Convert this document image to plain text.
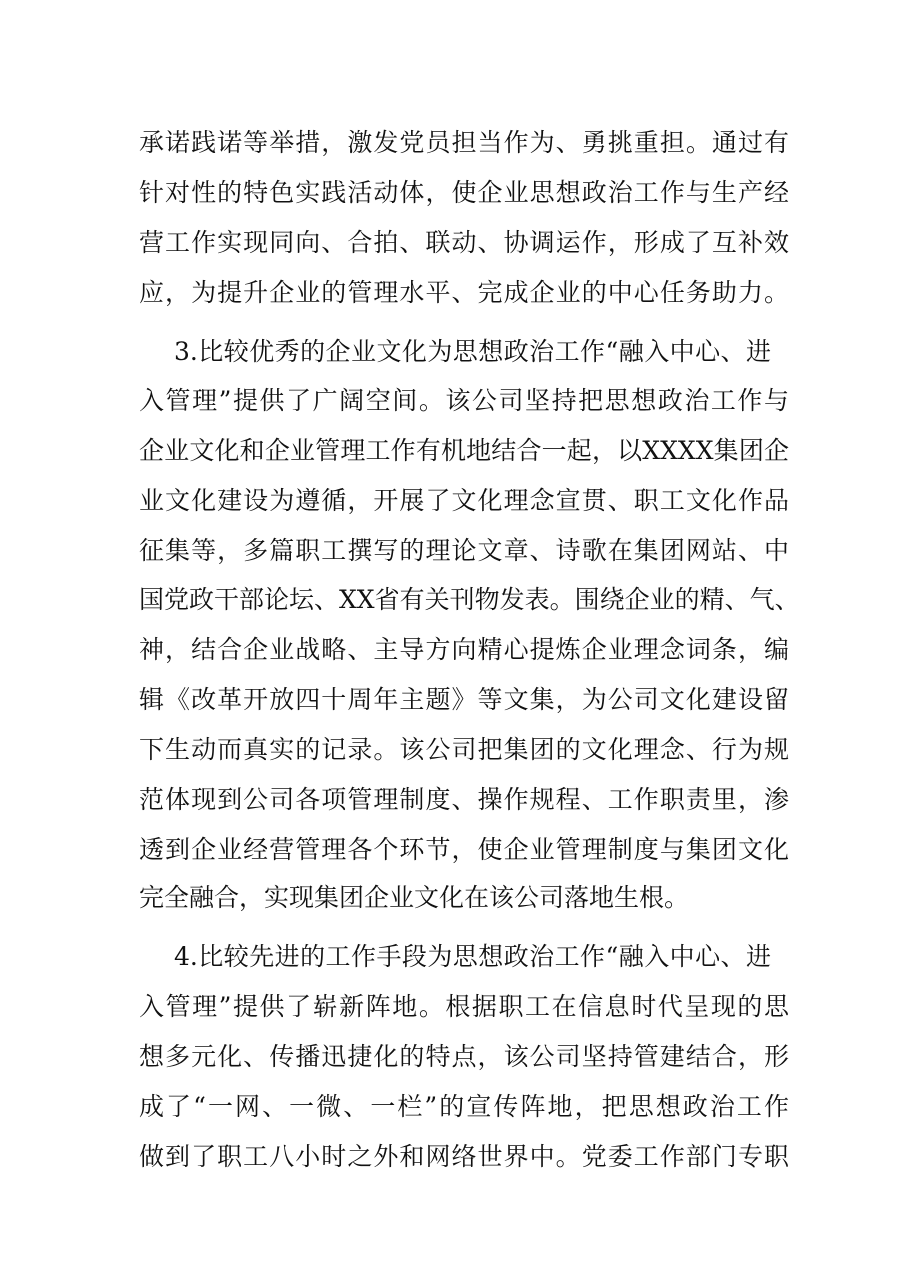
承诺践诺等举措，激发党员担当作为、勇挑重担。通过有
针对性的特色实践活动体，使企业思想政治工作与生产经
营工作实现同向、合拍、联动、协调运作，形成了互补效
应，为提升企业的管理水平、完成企业的中心任务助力。
3.比较优秀的企业文化为思想政治工作“融入中心、进
入管理”提供了广阔空间。该公司坚持把思想政治工作与
企业文化和企业管理工作有机地结合一起，以XXXX集团企
业文化建设为遵循，开展了文化理念宣贯、职工文化作品
征集等，多篇职工撰写的理论文章、诗歌在集团网站、中
国党政干部论坛、XX省有关刊物发表。围绕企业的精、气、
神，结合企业战略、主导方向精心提炼企业理念词条，编
辑《改革开放四十周年主题》等文集，为公司文化建设留
下生动而真实的记录。该公司把集团的文化理念、行为规
范体现到公司各项管理制度、操作规程、工作职责里，渗
透到企业经营管理各个环节，使企业管理制度与集团文化
完全融合，实现集团企业文化在该公司落地生根。
4.比较先进的工作手段为思想政治工作“融入中心、进
入管理”提供了崭新阵地。根据职工在信息时代呈现的思
想多元化、传播迅捷化的特点，该公司坚持管建结合，形
成了“一网、一微、一栏”的宣传阵地，把思想政治工作
做到了职工八小时之外和网络世界中。党委工作部门专职
